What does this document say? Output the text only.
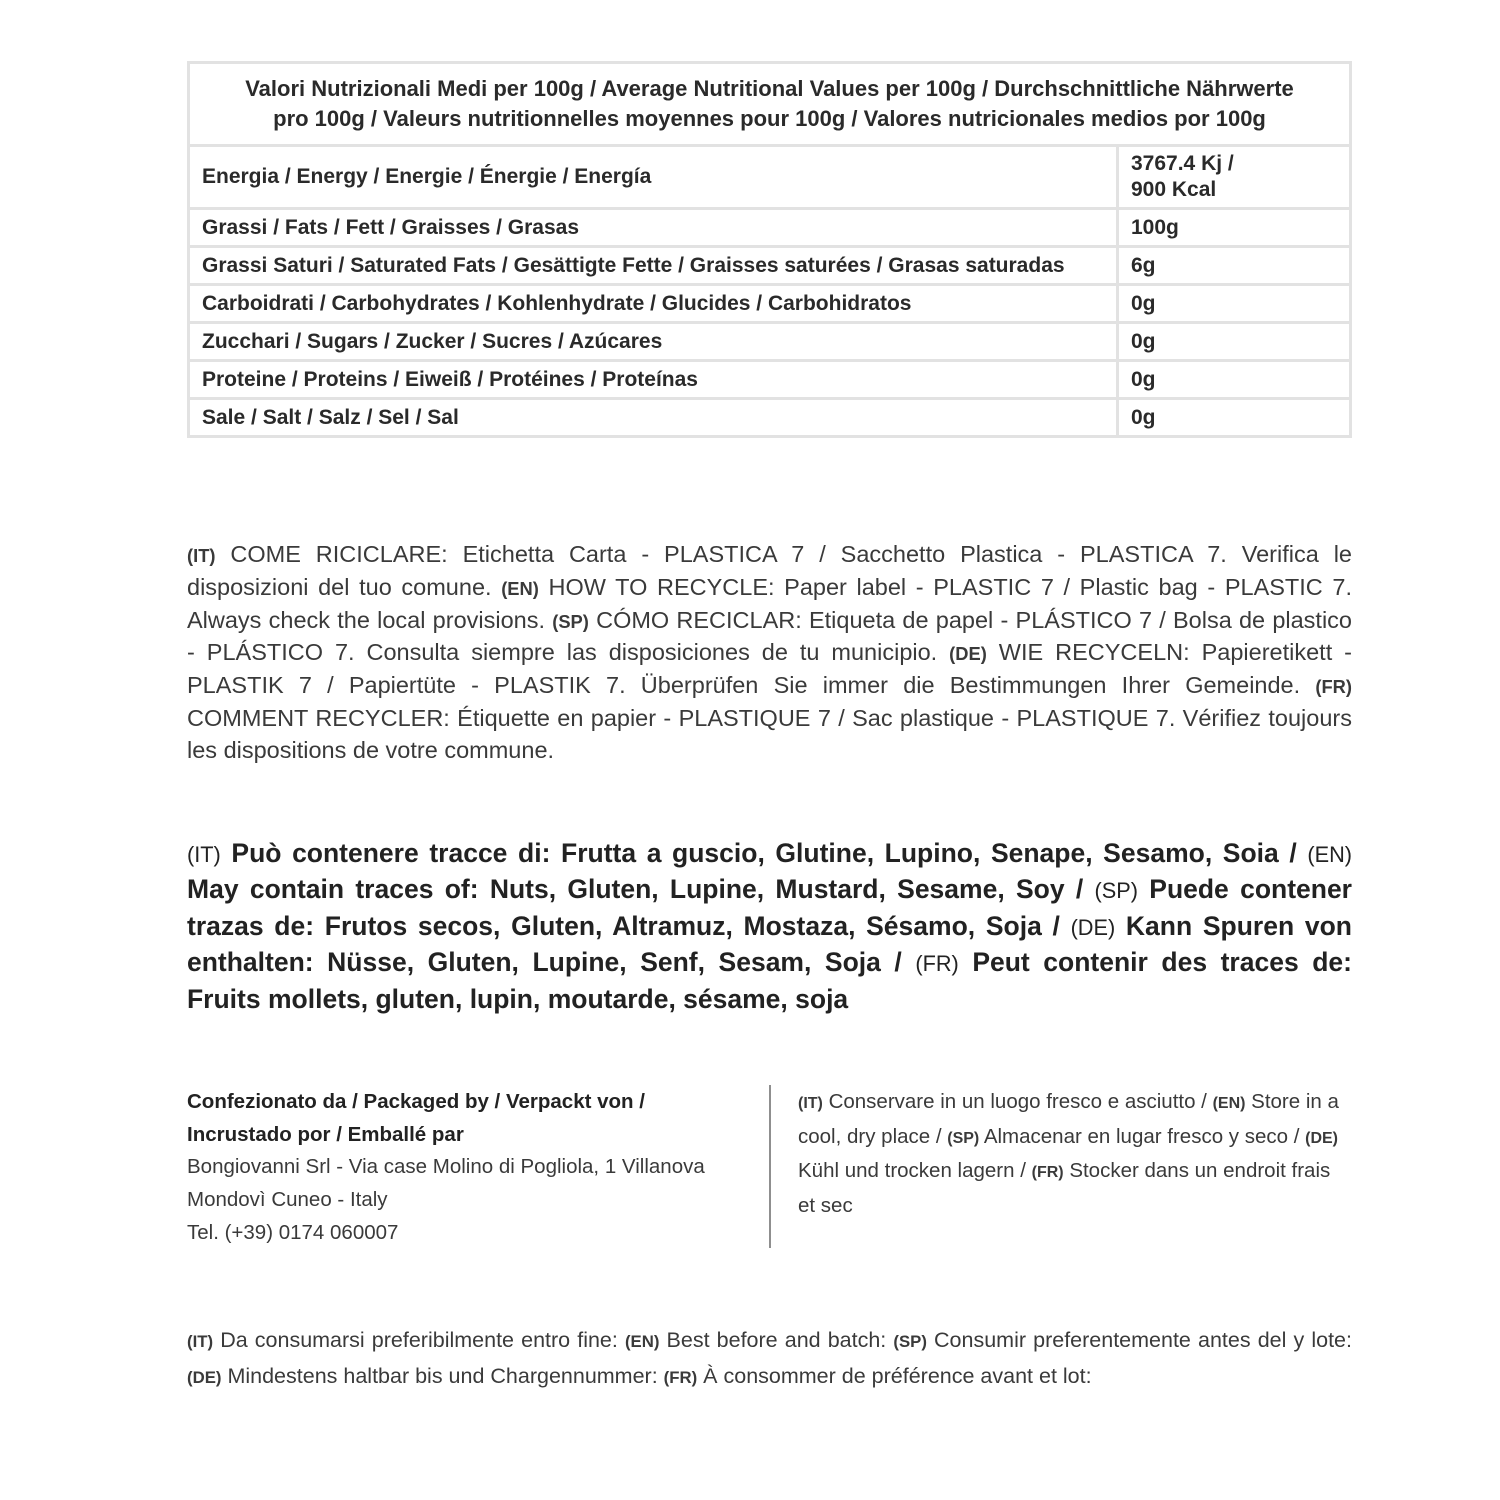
Valori Nutrizionali Medi per 100g / Average Nutritional Values per 100g / Durchschnittliche Nährwerte
pro 100g / Valeurs nutritionnelles moyennes pour 100g / Valores nutricionales medios por 100g	
Energia / Energy / Energie / Énergie / Energía	3767.4 Kj /
900 Kcal

Grassi / Fats / Fett / Graisses / Grasas	100g
Grassi Saturi / Saturated Fats / Gesättigte Fette / Graisses saturées / Grasas saturadas	6g
Carboidrati / Carbohydrates / Kohlenhydrate / Glucides / Carbohidratos	0g
Zucchari / Sugars / Zucker / Sucres / Azúcares	0g
Proteine / Proteins / Eiweiß / Protéines / Proteínas	0g
Sale / Salt / Salz / Sel / Sal	0g

(IT) COME RICICLARE: Etichetta Carta - PLASTICA 7 / Sacchetto Plastica - PLASTICA 7. Verifica le disposizioni del tuo comune. (EN) HOW TO RECYCLE: Paper label - PLASTIC 7 / Plastic bag - PLASTIC 7. Always check the local provisions. (SP) CÓMO RECICLAR: Etiqueta de papel - PLÁSTICO 7 / Bolsa de plastico - PLÁSTICO 7. Consulta siempre las disposiciones de tu municipio. (DE) WIE RECYCELN: Papieretikett - PLASTIK 7 / Papiertüte - PLASTIK 7. Überprüfen Sie immer die Bestimmungen Ihrer Gemeinde. (FR) COMMENT RECYCLER: Étiquette en papier - PLASTIQUE 7 / Sac plastique - PLASTIQUE 7. Vérifiez toujours les dispositions de votre commune.

(IT) Può contenere tracce di: Frutta a guscio, Glutine, Lupino, Senape, Sesamo, Soia / (EN) May contain traces of: Nuts, Gluten, Lupine, Mustard, Sesame, Soy / (SP) Puede contener trazas de: Frutos secos, Gluten, Altramuz, Mostaza, Sésamo, Soja / (DE) Kann Spuren von enthalten: Nüsse, Gluten, Lupine, Senf, Sesam, Soja / (FR) Peut contenir des traces de: Fruits mollets, gluten, lupin, moutarde, sésame, soja

Confezionato da / Packaged by / Verpackt von /
Incrustado por / Emballé par
Bongiovanni Srl - Via case Molino di Pogliola, 1 Villanova
Mondovì Cuneo - Italy
Tel. (+39) 0174 060007

(IT) Conservare in un luogo fresco e asciutto / (EN) Store in a cool, dry place / (SP) Almacenar en lugar fresco y seco / (DE) Kühl und trocken lagern / (FR) Stocker dans un endroit frais et sec

(IT) Da consumarsi preferibilmente entro fine: (EN) Best before and batch: (SP) Consumir preferentemente antes del y lote: (DE) Mindestens haltbar bis und Chargennummer: (FR) À consommer de préférence avant et lot:
